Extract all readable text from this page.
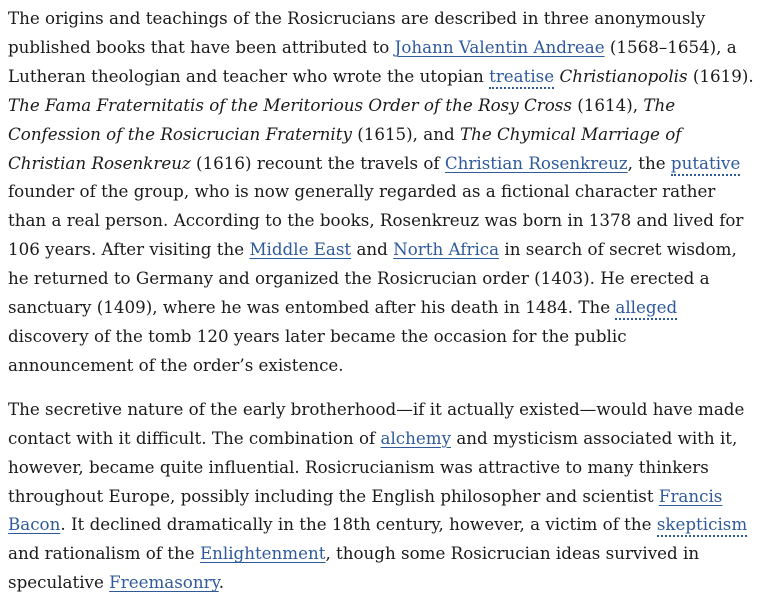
The origins and teachings of the Rosicrucians are described in three anonymously published books that have been attributed to Johann Valentin Andreae (1568–1654), a Lutheran theologian and teacher who wrote the utopian treatise Christianopolis (1619). The Fama Fraternitatis of the Meritorious Order of the Rosy Cross (1614), The Confession of the Rosicrucian Fraternity (1615), and The Chymical Marriage of Christian Rosenkreuz (1616) recount the travels of Christian Rosenkreuz, the putative founder of the group, who is now generally regarded as a fictional character rather than a real person. According to the books, Rosenkreuz was born in 1378 and lived for 106 years. After visiting the Middle East and North Africa in search of secret wisdom, he returned to Germany and organized the Rosicrucian order (1403). He erected a sanctuary (1409), where he was entombed after his death in 1484. The alleged discovery of the tomb 120 years later became the occasion for the public announcement of the order’s existence.

The secretive nature of the early brotherhood—if it actually existed—would have made contact with it difficult. The combination of alchemy and mysticism associated with it, however, became quite influential. Rosicrucianism was attractive to many thinkers throughout Europe, possibly including the English philosopher and scientist Francis Bacon. It declined dramatically in the 18th century, however, a victim of the skepticism and rationalism of the Enlightenment, though some Rosicrucian ideas survived in speculative Freemasonry.
